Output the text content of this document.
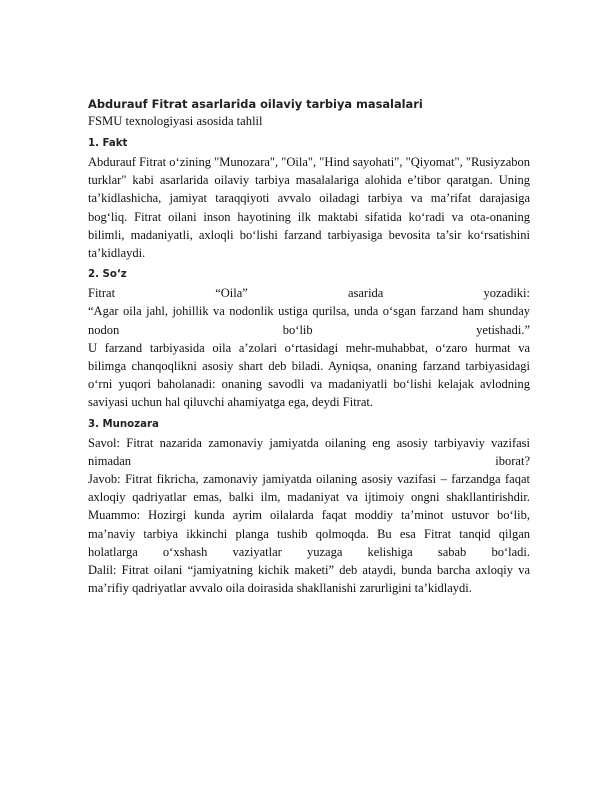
Abdurauf Fitrat asarlarida oilaviy tarbiya masalalari
FSMU texnologiyasi asosida tahlil
1. Fakt

Abdurauf Fitrat o‘zining "Munozara", "Oila", "Hind sayohati", "Qiyomat", "Rusiyzabon turklar" kabi asarlarida oilaviy tarbiya masalalariga alohida e’tibor qaratgan. Uning ta’kidlashicha, jamiyat taraqqiyoti avvalo oiladagi tarbiya va ma’rifat darajasiga bog‘liq. Fitrat oilani inson hayotining ilk maktabi sifatida ko‘radi va ota-onaning bilimli, madaniyatli, axloqli bo‘lishi farzand tarbiyasiga bevosita ta’sir ko‘rsatishini ta’kidlaydi.

2. So‘z

Fitrat “Oila” asarida yozadiki:

“Agar oila jahl, johillik va nodonlik ustiga qurilsa, unda o‘sgan farzand ham shunday nodon bo‘lib yetishadi.”

U farzand tarbiyasida oila a’zolari o‘rtasidagi mehr-muhabbat, o‘zaro hurmat va bilimga chanqoqlikni asosiy shart deb biladi. Ayniqsa, onaning farzand tarbiyasidagi o‘rni yuqori baholanadi: onaning savodli va madaniyatli bo‘lishi kelajak avlodning saviyasi uchun hal qiluvchi ahamiyatga ega, deydi Fitrat.

3. Munozara

Savol: Fitrat nazarida zamonaviy jamiyatda oilaning eng asosiy tarbiyaviy vazifasi nimadan iborat?

Javob: Fitrat fikricha, zamonaviy jamiyatda oilaning asosiy vazifasi – farzandga faqat axloqiy qadriyatlar emas, balki ilm, madaniyat va ijtimoiy ongni shakllantirishdir.

Muammo: Hozirgi kunda ayrim oilalarda faqat moddiy ta’minot ustuvor bo‘lib, ma’naviy tarbiya ikkinchi planga tushib qolmoqda. Bu esa Fitrat tanqid qilgan holatlarga o‘xshash vaziyatlar yuzaga kelishiga sabab bo‘ladi.

Dalil: Fitrat oilani “jamiyatning kichik maketi” deb ataydi, bunda barcha axloqiy va ma’rifiy qadriyatlar avvalo oila doirasida shakllanishi zarurligini ta’kidlaydi.
